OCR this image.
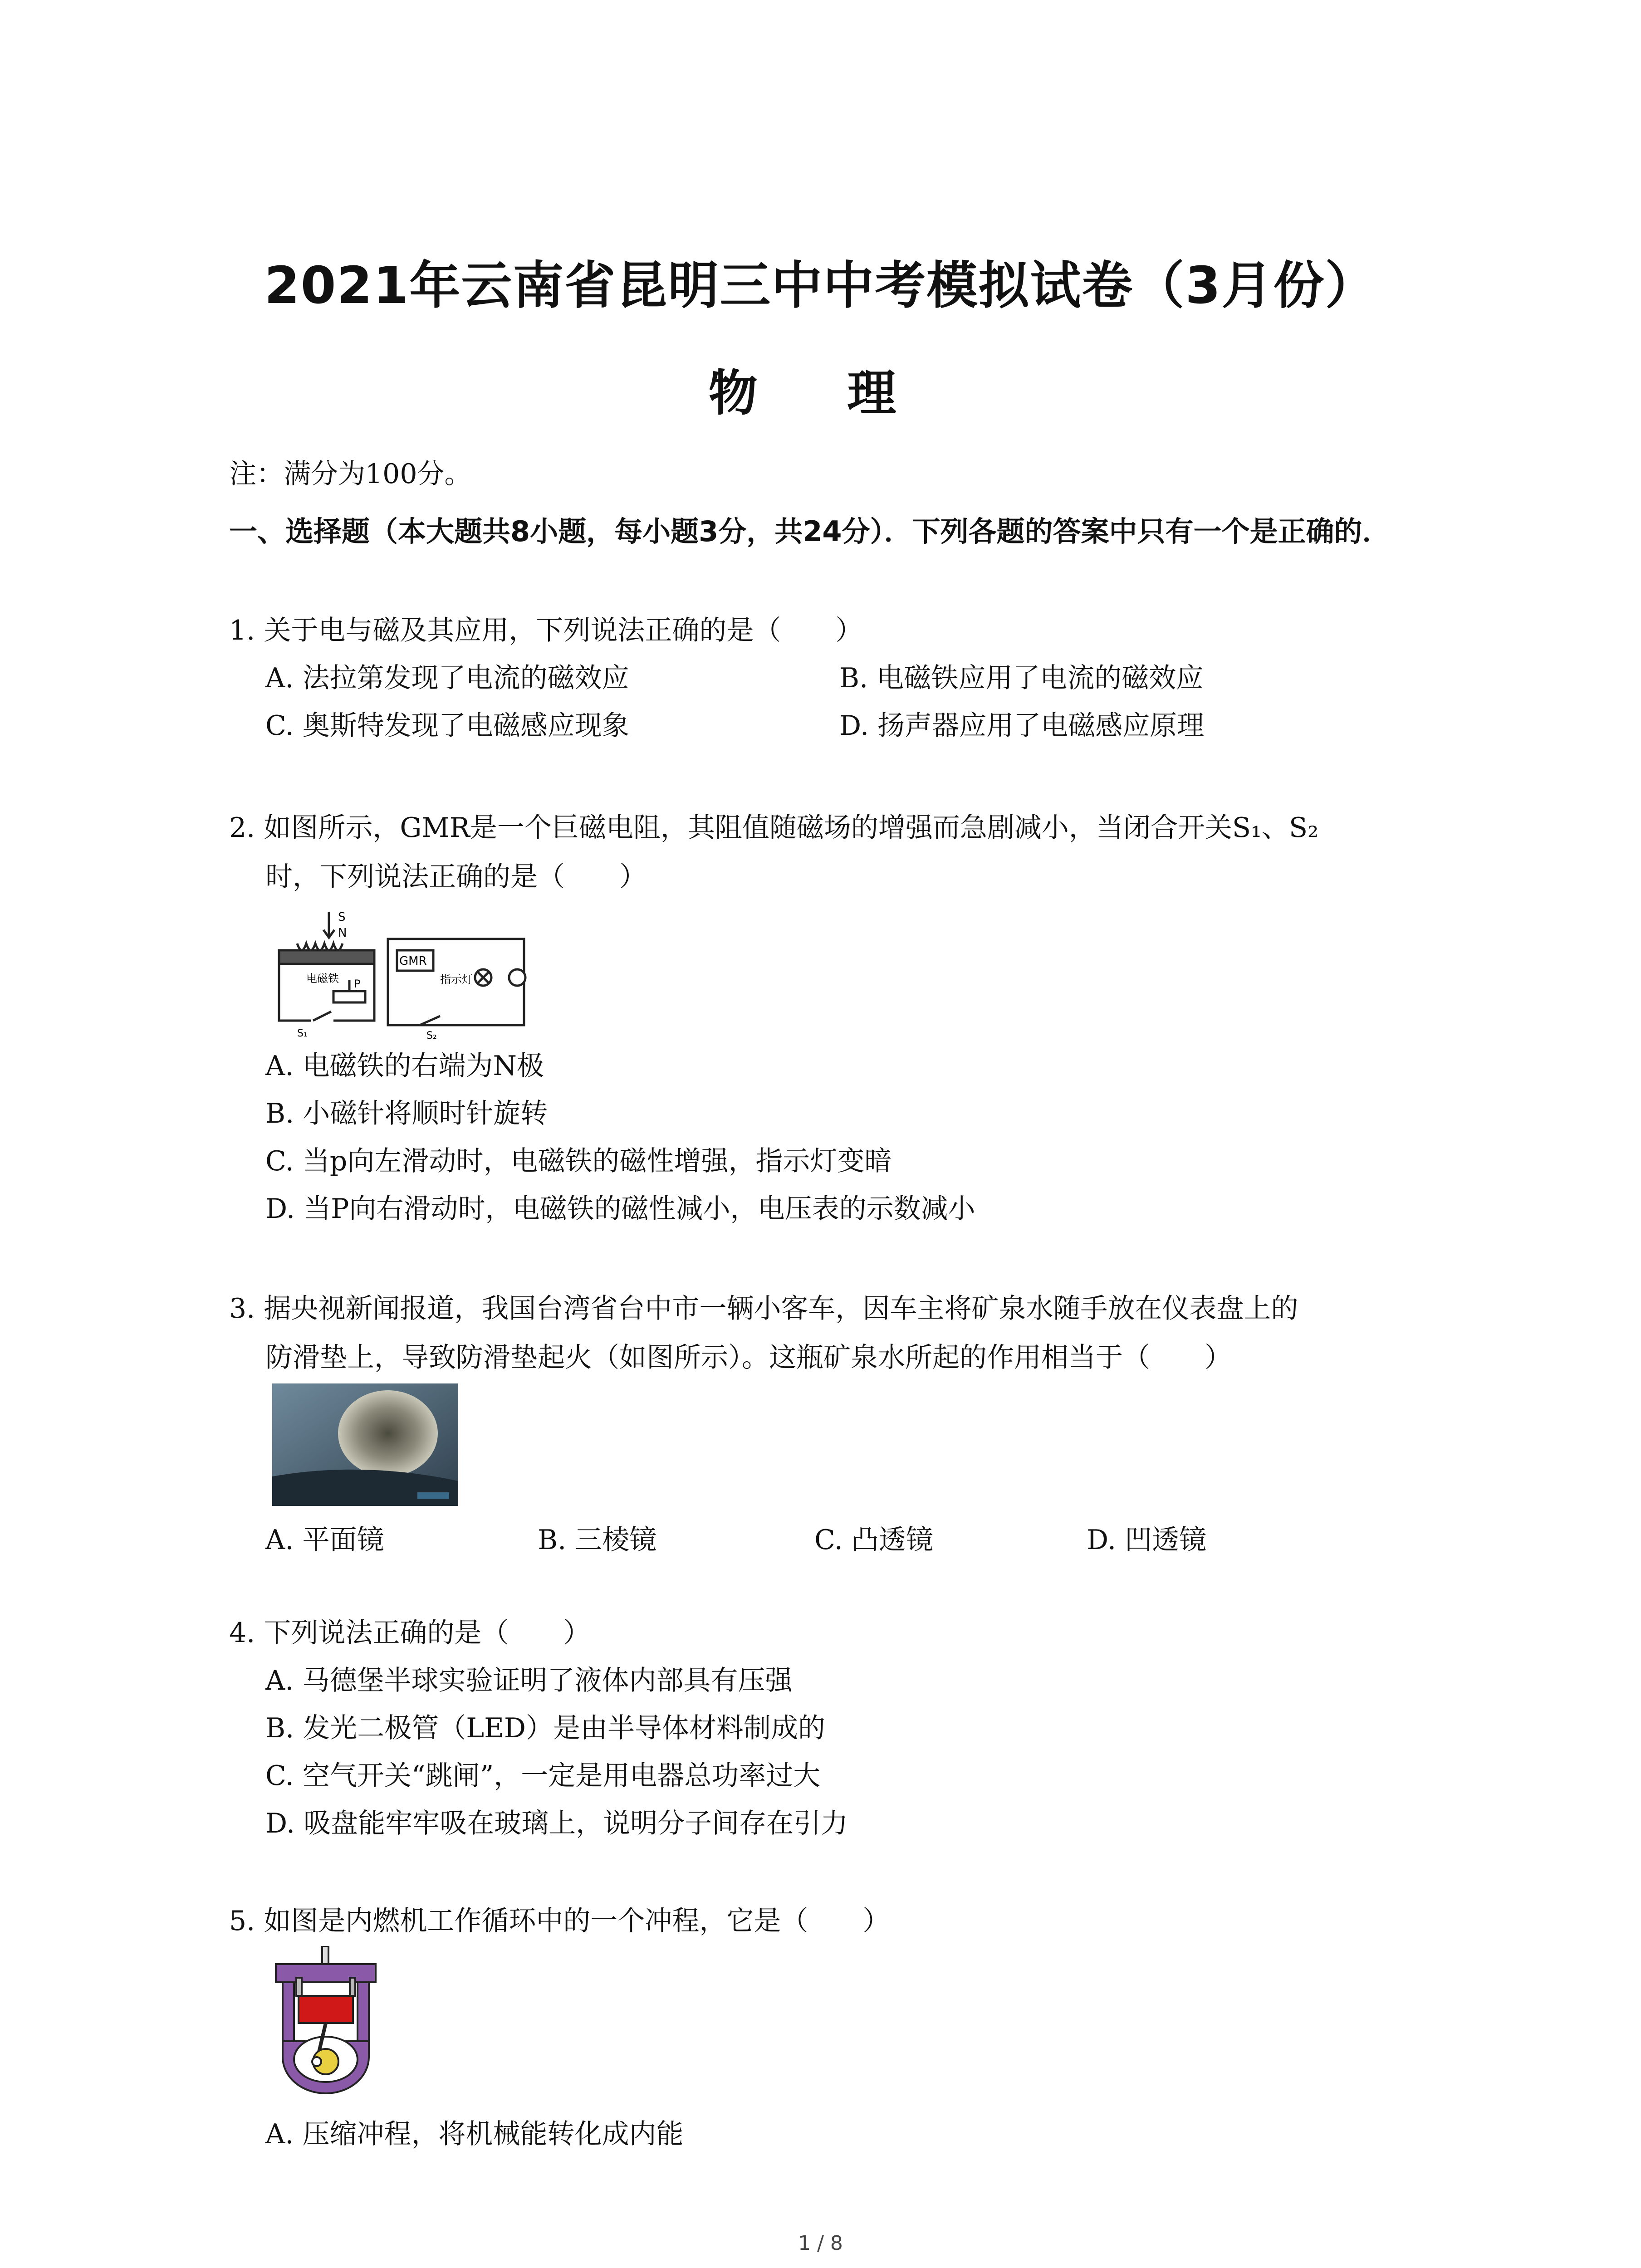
2021年云南省昆明三中中考模拟试卷（3月份）
物 理
注：满分为100分。
一、选择题（本大题共8小题，每小题3分，共24分）．下列各题的答案中只有一个是正确的．
1. 关于电与磁及其应用，下列说法正确的是（　　）
A. 法拉第发现了电流的磁效应	B. 电磁铁应用了电流的磁效应
C. 奥斯特发现了电磁感应现象	D. 扬声器应用了电磁感应原理
2. 如图所示，GMR是一个巨磁电阻，其阻值随磁场的增强而急剧减小，当闭合开关S₁、S₂
时，下列说法正确的是（　　）
S
N
电磁铁 P
GMR
指示灯
S₁	S₂
A. 电磁铁的右端为N极
B. 小磁针将顺时针旋转
C. 当p向左滑动时，电磁铁的磁性增强，指示灯变暗
D. 当P向右滑动时，电磁铁的磁性减小，电压表的示数减小
3. 据央视新闻报道，我国台湾省台中市一辆小客车，因车主将矿泉水随手放在仪表盘上的
防滑垫上，导致防滑垫起火（如图所示）。这瓶矿泉水所起的作用相当于（　　）
A. 平面镜	B. 三棱镜	C. 凸透镜	D. 凹透镜
4. 下列说法正确的是（　　）
A. 马德堡半球实验证明了液体内部具有压强
B. 发光二极管（LED）是由半导体材料制成的
C. 空气开关“跳闸”，一定是用电器总功率过大
D. 吸盘能牢牢吸在玻璃上，说明分子间存在引力
5. 如图是内燃机工作循环中的一个冲程，它是（　　）
A. 压缩冲程，将机械能转化成内能
1 / 8
